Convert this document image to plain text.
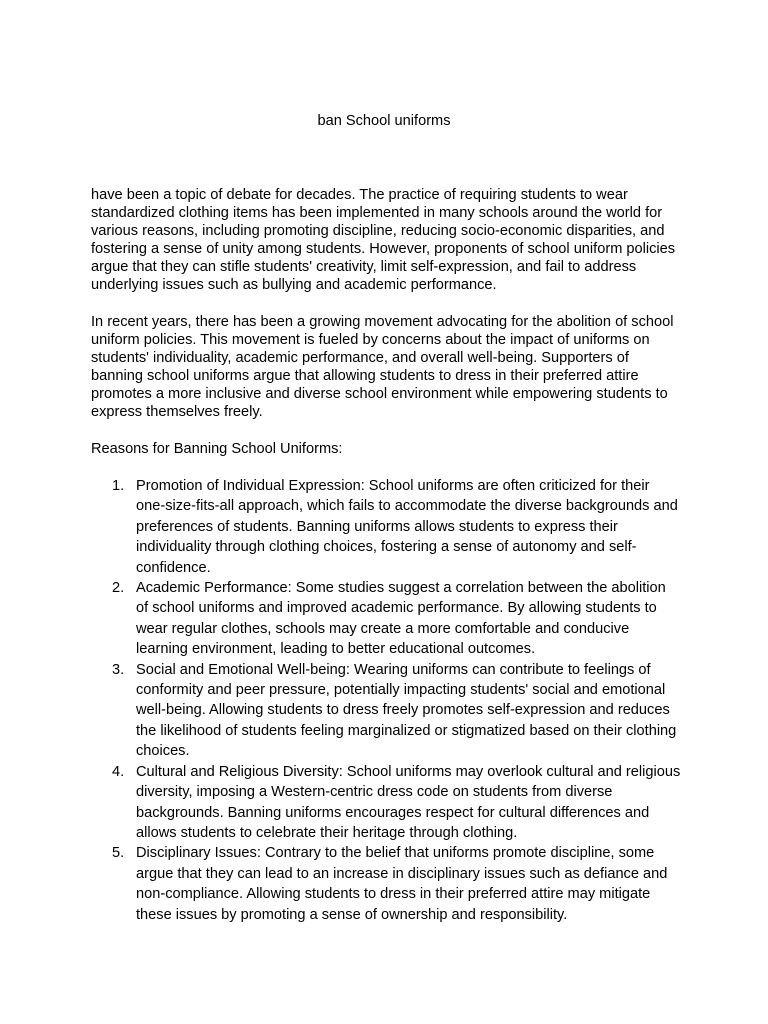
ban School uniforms

have been a topic of debate for decades. The practice of requiring students to wear standardized clothing items has been implemented in many schools around the world for various reasons, including promoting discipline, reducing socio-economic disparities, and fostering a sense of unity among students. However, proponents of school uniform policies argue that they can stifle students' creativity, limit self-expression, and fail to address underlying issues such as bullying and academic performance.

In recent years, there has been a growing movement advocating for the abolition of school uniform policies. This movement is fueled by concerns about the impact of uniforms on students' individuality, academic performance, and overall well-being. Supporters of banning school uniforms argue that allowing students to dress in their preferred attire promotes a more inclusive and diverse school environment while empowering students to express themselves freely.

Reasons for Banning School Uniforms:
1. Promotion of Individual Expression: School uniforms are often criticized for their one-size-fits-all approach, which fails to accommodate the diverse backgrounds and preferences of students. Banning uniforms allows students to express their individuality through clothing choices, fostering a sense of autonomy and self-confidence.
2. Academic Performance: Some studies suggest a correlation between the abolition of school uniforms and improved academic performance. By allowing students to wear regular clothes, schools may create a more comfortable and conducive learning environment, leading to better educational outcomes.
3. Social and Emotional Well-being: Wearing uniforms can contribute to feelings of conformity and peer pressure, potentially impacting students' social and emotional well-being. Allowing students to dress freely promotes self-expression and reduces the likelihood of students feeling marginalized or stigmatized based on their clothing choices.
4. Cultural and Religious Diversity: School uniforms may overlook cultural and religious diversity, imposing a Western-centric dress code on students from diverse backgrounds. Banning uniforms encourages respect for cultural differences and allows students to celebrate their heritage through clothing.
5. Disciplinary Issues: Contrary to the belief that uniforms promote discipline, some argue that they can lead to an increase in disciplinary issues such as defiance and non-compliance. Allowing students to dress in their preferred attire may mitigate these issues by promoting a sense of ownership and responsibility.
